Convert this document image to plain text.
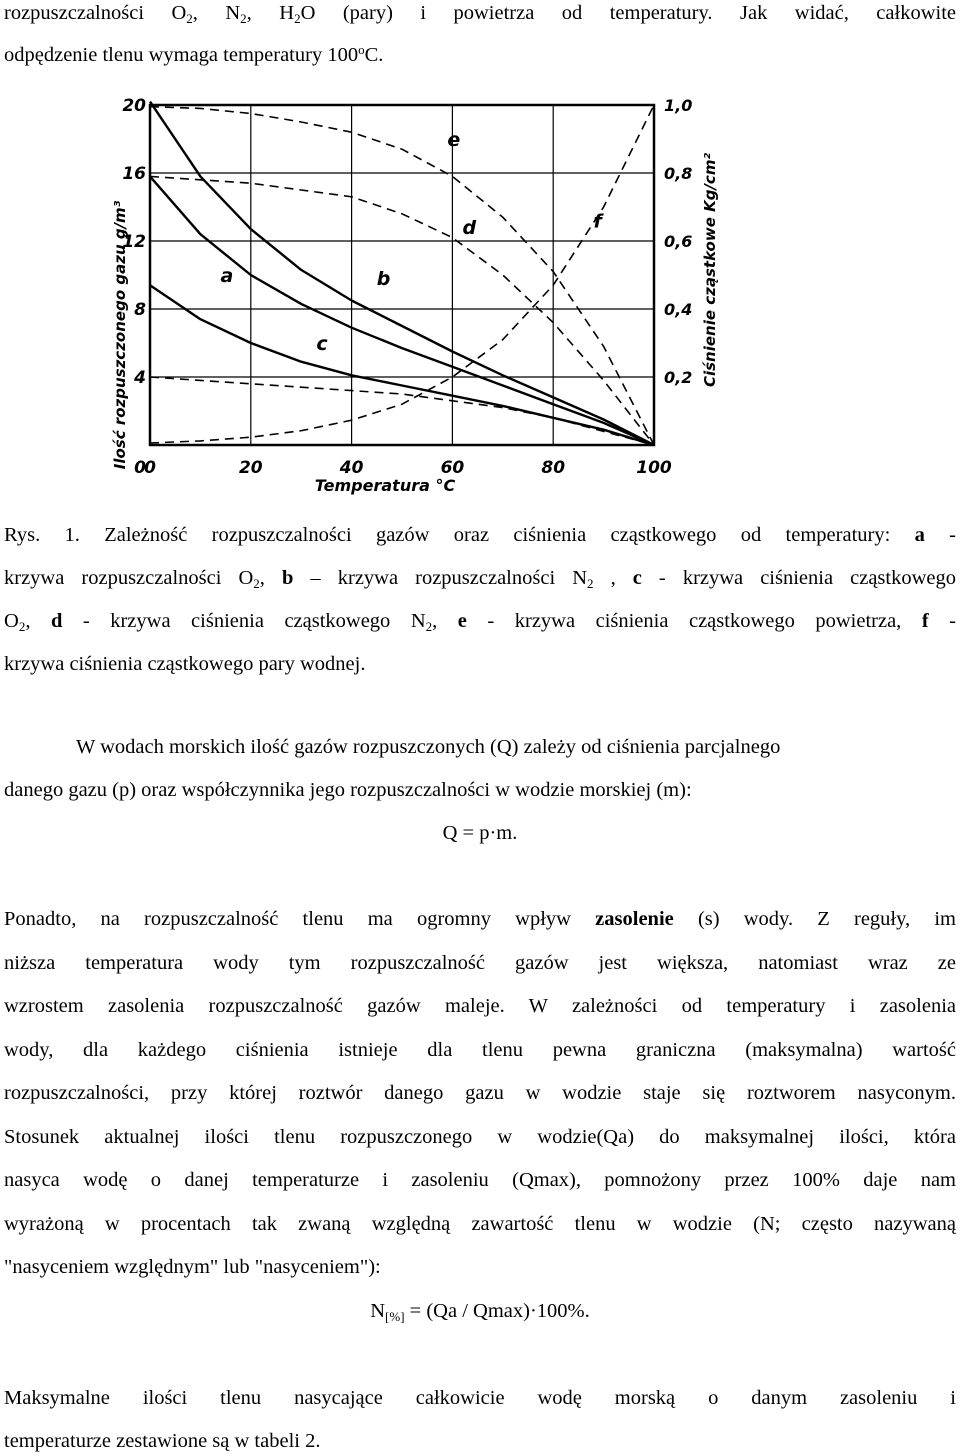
rozpuszczalności $O_2$, $N_2$, $H_2O$ (pary) i powietrza od temperatury. Jak widać, całkowite
odpędzenie tlenu wymaga temperatury 100$^o$C.
0	20	40	60	80	100
0
4
8
12
16
20
0,2
0,4
0,6
0,8
1,0
a	b
c
d
e
f
Ilość rozpuszczonego gazu g/m³	Ciśnienie cząstkowe Kg/cm²
Temperatura °C
Rys. 1. Zależność rozpuszczalności gazów oraz ciśnienia cząstkowego od temperatury: a -
krzywa rozpuszczalności $O_2$, b – krzywa rozpuszczalności $N_2$ , c - krzywa ciśnienia cząstkowego
$O_2$, d - krzywa ciśnienia cząstkowego $N_2$, e - krzywa ciśnienia cząstkowego powietrza, f -
krzywa ciśnienia cząstkowego pary wodnej.
W wodach morskich ilość gazów rozpuszczonych (Q) zależy od ciśnienia parcjalnego
danego gazu (p) oraz współczynnika jego rozpuszczalności w wodzie morskiej (m):
Q = p·m.
Ponadto, na rozpuszczalność tlenu ma ogromny wpływ zasolenie (s) wody. Z reguły, im
niższa temperatura wody tym rozpuszczalność gazów jest większa, natomiast wraz ze
wzrostem zasolenia rozpuszczalność gazów maleje. W zależności od temperatury i zasolenia
wody, dla każdego ciśnienia istnieje dla tlenu pewna graniczna (maksymalna) wartość
rozpuszczalności, przy której roztwór danego gazu w wodzie staje się roztworem nasyconym.
Stosunek aktualnej ilości tlenu rozpuszczonego w wodzie(Qa) do maksymalnej ilości, która
nasyca wodę o danej temperaturze i zasoleniu (Qmax), pomnożony przez 100% daje nam
wyrażoną w procentach tak zwaną względną zawartość tlenu w wodzie (N; często nazywaną
"nasyceniem względnym" lub "nasyceniem"):
$N_{[\%]} = (Qa / Qmax)\cdot 100\%$.
Maksymalne ilości tlenu nasycające całkowicie wodę morską o danym zasoleniu i
temperaturze zestawione są w tabeli 2.
